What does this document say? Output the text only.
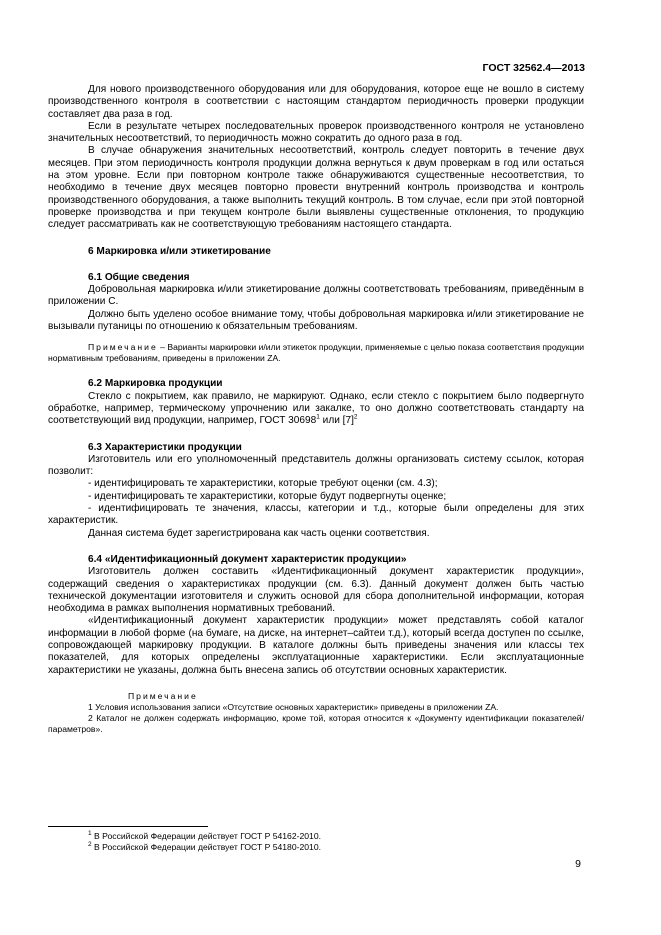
ГОСТ 32562.4—2013

Для нового производственного оборудования или для оборудования, которое еще не вошло в систему производственного контроля в соответствии с настоящим стандартом периодичность проверки продукции составляет два раза в год.

Если в результате четырех последовательных проверок производственного контроля не установлено значительных несоответствий, то периодичность можно сократить до одного раза в год.

В случае обнаружения значительных несоответствий, контроль следует повторить в течение двух месяцев. При этом периодичность контроля продукции должна вернуться к двум проверкам в год или остаться на этом уровне. Если при повторном контроле также обнаруживаются существенные несоответствия, то необходимо в течение двух месяцев повторно провести внутренний контроль производства и контроль производственного оборудования, а также выполнить текущий контроль. В том случае, если при этой повторной проверке производства и при текущем контроле были выявлены существенные отклонения, то продукцию следует рассматривать как не соответствующую требованиям настоящего стандарта.

6 Маркировка и/или этикетирование
6.1 Общие сведения

Добровольная маркировка и/или этикетирование должны соответствовать требованиям, приведённым в приложении С.

Должно быть уделено особое внимание тому, чтобы добровольная маркировка и/или этикетирование не вызывали путаницы по отношению к обязательным требованиям.

Примечание – Варианты маркировки и/или этикеток продукции, применяемые с целью показа соответствия продукции нормативным требованиям, приведены в приложении ZA.

6.2 Маркировка продукции

Стекло с покрытием, как правило, не маркируют. Однако, если стекло с покрытием было подвергнуто обработке, например, термическому упрочнению или закалке, то оно должно соответствовать стандарту на соответствующий вид продукции, например, ГОСТ 30698$^1$ или $[7]^2$

6.3 Характеристики продукции

Изготовитель или его уполномоченный представитель должны организовать систему ссылок, которая позволит:

- идентифицировать те характеристики, которые требуют оценки (см. 4.3);

- идентифицировать те характеристики, которые будут подвергнуты оценке;

- идентифицировать те значения, классы, категории и т.д., которые были определены для этих характеристик.

Данная система будет зарегистрирована как часть оценки соответствия.

6.4 «Идентификационный документ характеристик продукции»

Изготовитель должен составить «Идентификационный документ характеристик продукции», содержащий сведения о характеристиках продукции (см. 6.3). Данный документ должен быть частью технической документации изготовителя и служить основой для сбора дополнительной информации, которая необходима в рамках выполнения нормативных требований.

«Идентификационный документ характеристик продукции» может представлять собой каталог информации в любой форме (на бумаге, на диске, на интернет–сайтеи т.д.), который всегда доступен по ссылке, сопровождающей маркировку продукции. В каталоге должны быть приведены значения или классы тех показателей, для которых определены эксплуатационные характеристики. Если эксплуатационные характеристики не указаны, должна быть внесена запись об отсутствии основных характеристик.

Примечание

1 Условия использования записи «Отсутствие основных характеристик» приведены в приложении ZA.

2 Каталог не должен содержать информацию, кроме той, которая относится к «Документу идентификации показателей/параметров».

$^1$ В Российской Федерации действует ГОСТ Р 54162-2010.

$^2$ В Российской Федерации действует ГОСТ Р 54180-2010.

9
